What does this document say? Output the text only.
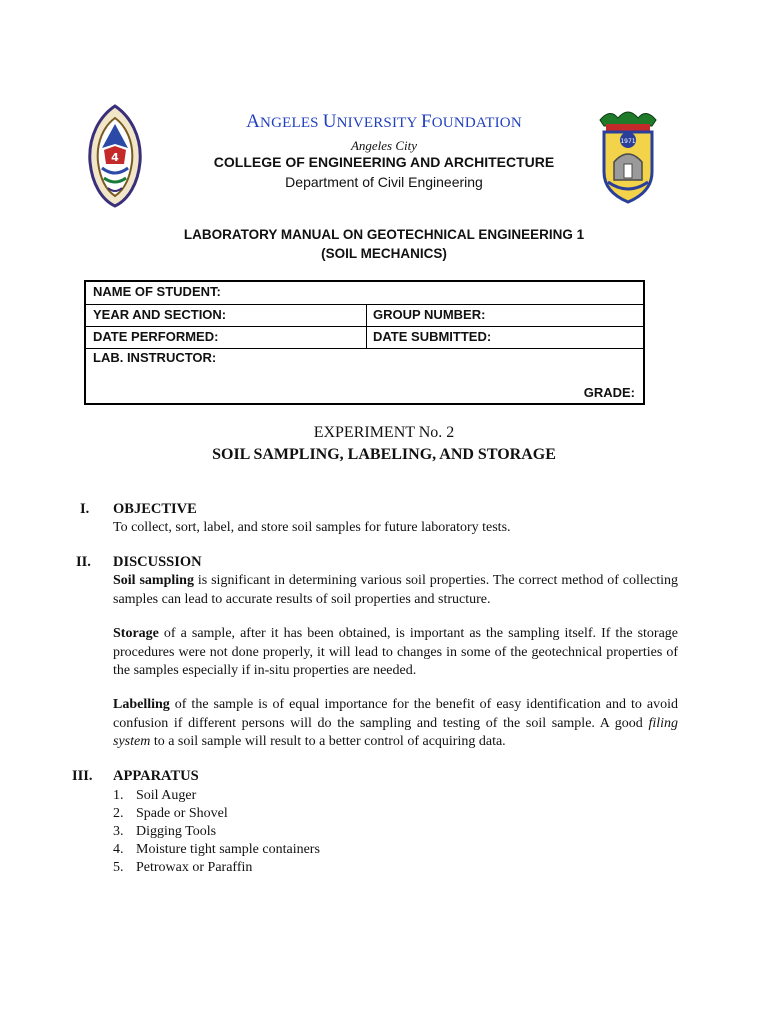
4
1971
ANGELES UNIVERSITY FOUNDATION
Angeles City
COLLEGE OF ENGINEERING AND ARCHITECTURE
Department of Civil Engineering
LABORATORY MANUAL ON GEOTECHNICAL ENGINEERING 1
(SOIL MECHANICS)
NAME OF STUDENT:
YEAR AND SECTION:	GROUP NUMBER:
DATE PERFORMED:	DATE SUBMITTED:
LAB. INSTRUCTOR:
GRADE:
EXPERIMENT No. 2
SOIL SAMPLING, LABELING, AND STORAGE
I. OBJECTIVE
To collect, sort, label, and store soil samples for future laboratory tests.
II. DISCUSSION
Soil sampling is significant in determining various soil properties. The correct method of collecting samples can lead to accurate results of soil properties and structure.
Storage of a sample, after it has been obtained, is important as the sampling itself. If the storage procedures were not done properly, it will lead to changes in some of the geotechnical properties of the samples especially if in-situ properties are needed.
Labelling of the sample is of equal importance for the benefit of easy identification and to avoid confusion if different persons will do the sampling and testing of the soil sample. A good filing system to a soil sample will result to a better control of acquiring data.
III. APPARATUS
1. Soil Auger
2. Spade or Shovel
3. Digging Tools
4. Moisture tight sample containers
5. Petrowax or Paraffin
